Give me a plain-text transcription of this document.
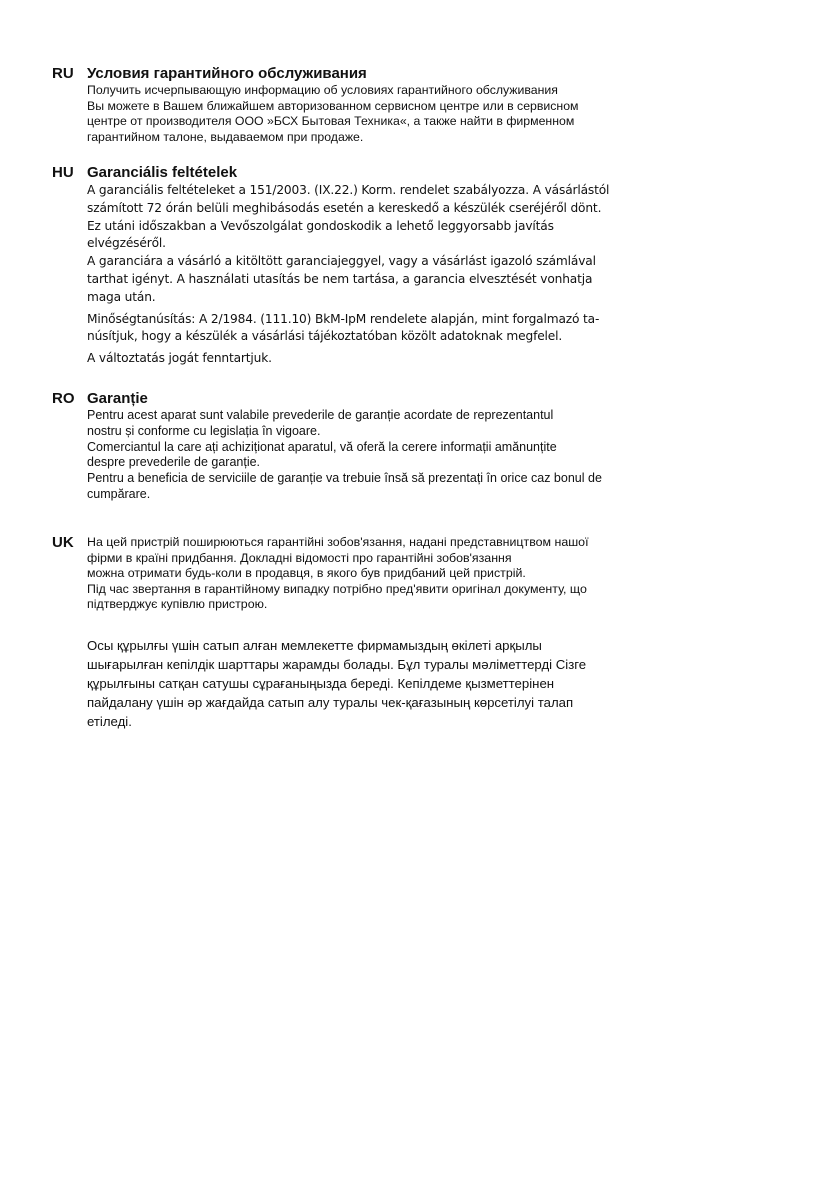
RU Условия гарантийного обслуживания

Получить исчерпывающую информацию об условиях гарантийного обслуживания
Вы можете в Вашем ближайшем авторизованном сервисном центре или в сервисном
центре от производителя ООО »БСХ Бытовая Техника«, а также найти в фирменном
гарантийном талоне, выдаваемом при продаже.

HU Garanciális feltételek

A garanciális feltételeket a 151/2003. (IX.22.) Korm. rendelet szabályozza. A vásárlástól
számított 72 órán belüli meghibásodás esetén a kereskedő a készülék cseréjéről dönt.
Ez utáni időszakban a Vevőszolgálat gondoskodik a lehető leggyorsabb javítás
elvégzéséről.
A garanciára a vásárló a kitöltött garanciajeggyel, vagy a vásárlást igazoló számlával
tarthat igényt. A használati utasítás be nem tartása, a garancia elvesztését vonhatja
maga után.

Minőségtanúsítás: A 2/1984. (111.10) BkM-IpM rendelete alapján, mint forgalmazó ta-
núsítjuk, hogy a készülék a vásárlási tájékoztatóban közölt adatoknak megfelel.

A változtatás jogát fenntartjuk.

RO Garanție

Pentru acest aparat sunt valabile prevederile de garanție acordate de reprezentantul
nostru și conforme cu legislația în vigoare.
Comerciantul la care ați achiziționat aparatul, vă oferă la cerere informații amănunțite
despre prevederile de garanție.
Pentru a beneficia de serviciile de garanție va trebuie însă să prezentați în orice caz bonul de
cumpărare.

UK На цей пристрій поширюються гарантійні зобов'язання, надані представництвом нашої
фірми в країні придбання. Докладні відомості про гарантійні зобов'язання
можна отримати будь-коли в продавця, в якого був придбаний цей пристрій.
Під час звертання в гарантійному випадку потрібно пред'явити оригінал документу, що
підтверджує купівлю пристрою.

Осы құрылғы үшін сатып алған мемлекетте фирмамыздың өкілеті арқылы
шығарылған кепілдік шарттары жарамды болады. Бұл туралы мәліметтерді Сізге
құрылғыны сатқан сатушы сұрағаныңызда береді. Кепілдеме қызметтерінен
пайдалану үшін әр жағдайда сатып алу туралы чек-қағазының көрсетілуі талап
етіледі.
